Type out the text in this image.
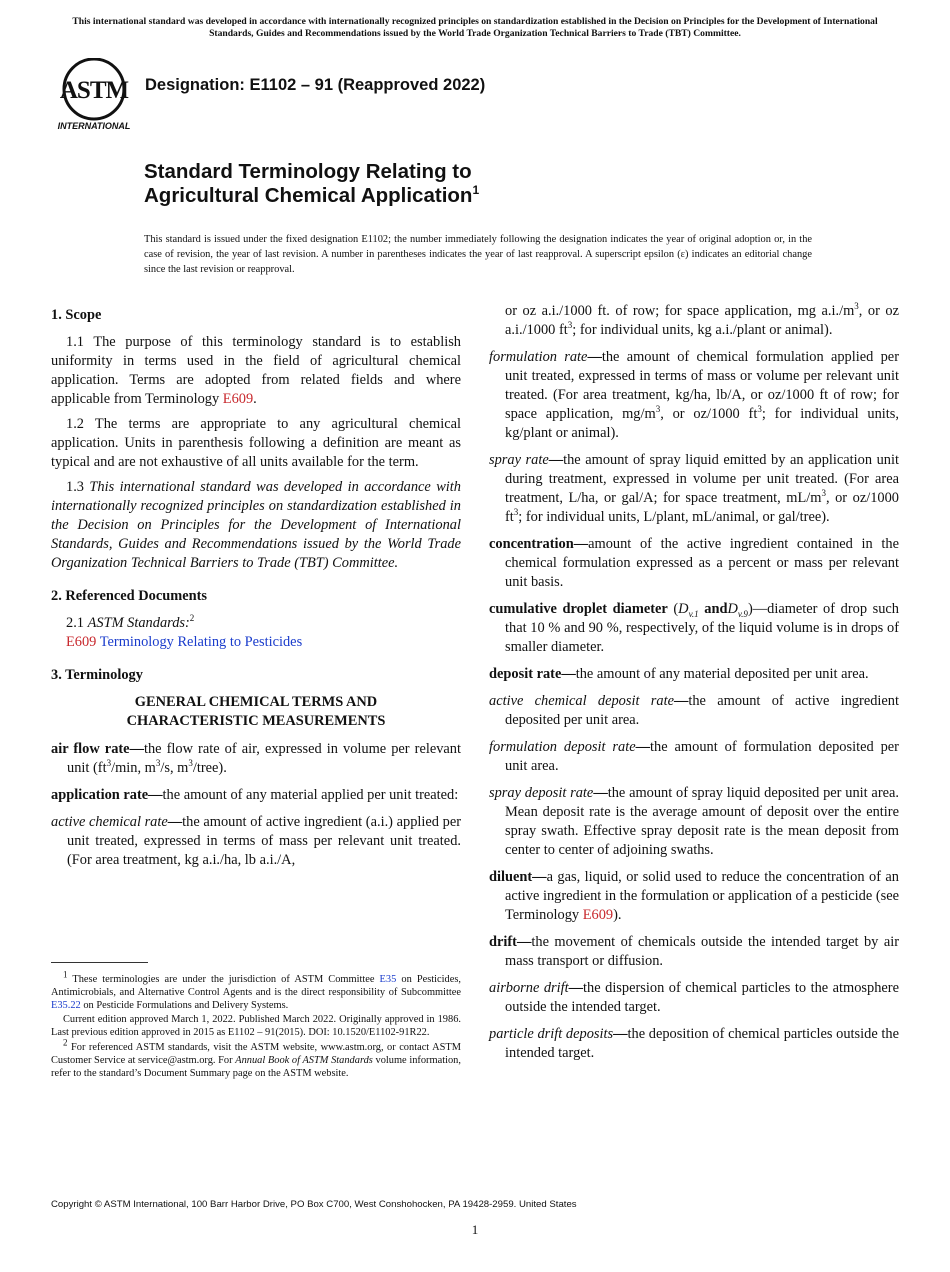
This international standard was developed in accordance with internationally recognized principles on standardization established in the Decision on Principles for the Development of International Standards, Guides and Recommendations issued by the World Trade Organization Technical Barriers to Trade (TBT) Committee.
ASTM
INTERNATIONAL
Designation: E1102 – 91 (Reapproved 2022)
Standard Terminology Relating to
Agricultural Chemical Application$^1$
This standard is issued under the fixed designation E1102; the number immediately following the designation indicates the year of original adoption or, in the case of revision, the year of last revision. A number in parentheses indicates the year of last reapproval. A superscript epsilon (ε) indicates an editorial change since the last revision or reapproval.

1. Scope

1.1 The purpose of this terminology standard is to establish uniformity in terms used in the field of agricultural chemical application. Terms are adopted from related fields and where applicable from Terminology E609.

1.2 The terms are appropriate to any agricultural chemical application. Units in parenthesis following a definition are meant as typical and are not exhaustive of all units available for the term.

1.3 This international standard was developed in accordance with internationally recognized principles on standardization established in the Decision on Principles for the Development of International Standards, Guides and Recommendations issued by the World Trade Organization Technical Barriers to Trade (TBT) Committee.

2. Referenced Documents

2.1 ASTM Standards:$^2$
E609 Terminology Relating to Pesticides

3. Terminology

GENERAL CHEMICAL TERMS AND
CHARACTERISTIC MEASUREMENTS

air flow rate—the flow rate of air, expressed in volume per relevant unit ($ft^3/\min$, $m^3/s$, $m^3/tree$).

application rate—the amount of any material applied per unit treated:

active chemical rate—the amount of active ingredient (a.i.) applied per unit treated, expressed in terms of mass per relevant unit treated. (For area treatment, kg a.i./ha, lb a.i./A,

or oz a.i./1000 ft. of row; for space application, mg $a.i./m^3$, or oz a.i./1000 $ft^3$; for individual units, kg a.i./plant or animal).

formulation rate—the amount of chemical formulation applied per unit treated, expressed in terms of mass or volume per relevant unit treated. (For area treatment, kg/ha, lb/A, or oz/1000 ft of row; for space application, $mg/m^3$, or oz/1000 $ft^3$; for individual units, kg/plant or animal).

spray rate—the amount of spray liquid emitted by an application unit during treatment, expressed in volume per unit treated. (For area treatment, L/ha, or gal/A; for space treatment, $mL/m^3$, or oz/1000 $ft^3$; for individual units, L/plant, mL/animal, or gal/tree).

concentration—amount of the active ingredient contained in the chemical formulation expressed as a percent or mass per relevant unit basis.

cumulative droplet diameter ($D_{v.1}$ andD$_{v.9}$)—diameter of drop such that 10 % and 90 %, respectively, of the liquid volume is in drops of smaller diameter.

deposit rate—the amount of any material deposited per unit area.

active chemical deposit rate—the amount of active ingredient deposited per unit area.

formulation deposit rate—the amount of formulation deposited per unit area.

spray deposit rate—the amount of spray liquid deposited per unit area. Mean deposit rate is the average amount of deposit over the entire spray swath. Effective spray deposit rate is the mean deposit from center to center of adjoining swaths.

diluent—a gas, liquid, or solid used to reduce the concentration of an active ingredient in the formulation or application of a pesticide (see Terminology E609).

drift—the movement of chemicals outside the intended target by air mass transport or diffusion.

airborne drift—the dispersion of chemical particles to the atmosphere outside the intended target.

particle drift deposits—the deposition of chemical particles outside the intended target.

$^1$ These terminologies are under the jurisdiction of ASTM Committee E35 on Pesticides, Antimicrobials, and Alternative Control Agents and is the direct responsibility of Subcommittee E35.22 on Pesticide Formulations and Delivery Systems.

Current edition approved March 1, 2022. Published March 2022. Originally approved in 1986. Last previous edition approved in 2015 as E1102 – 91(2015). DOI: 10.1520/E1102-91R22.

$^2$ For referenced ASTM standards, visit the ASTM website, www.astm.org, or contact ASTM Customer Service at service@astm.org. For Annual Book of ASTM Standards volume information, refer to the standard’s Document Summary page on the ASTM website.

Copyright © ASTM International, 100 Barr Harbor Drive, PO Box C700, West Conshohocken, PA 19428-2959. United States
1
